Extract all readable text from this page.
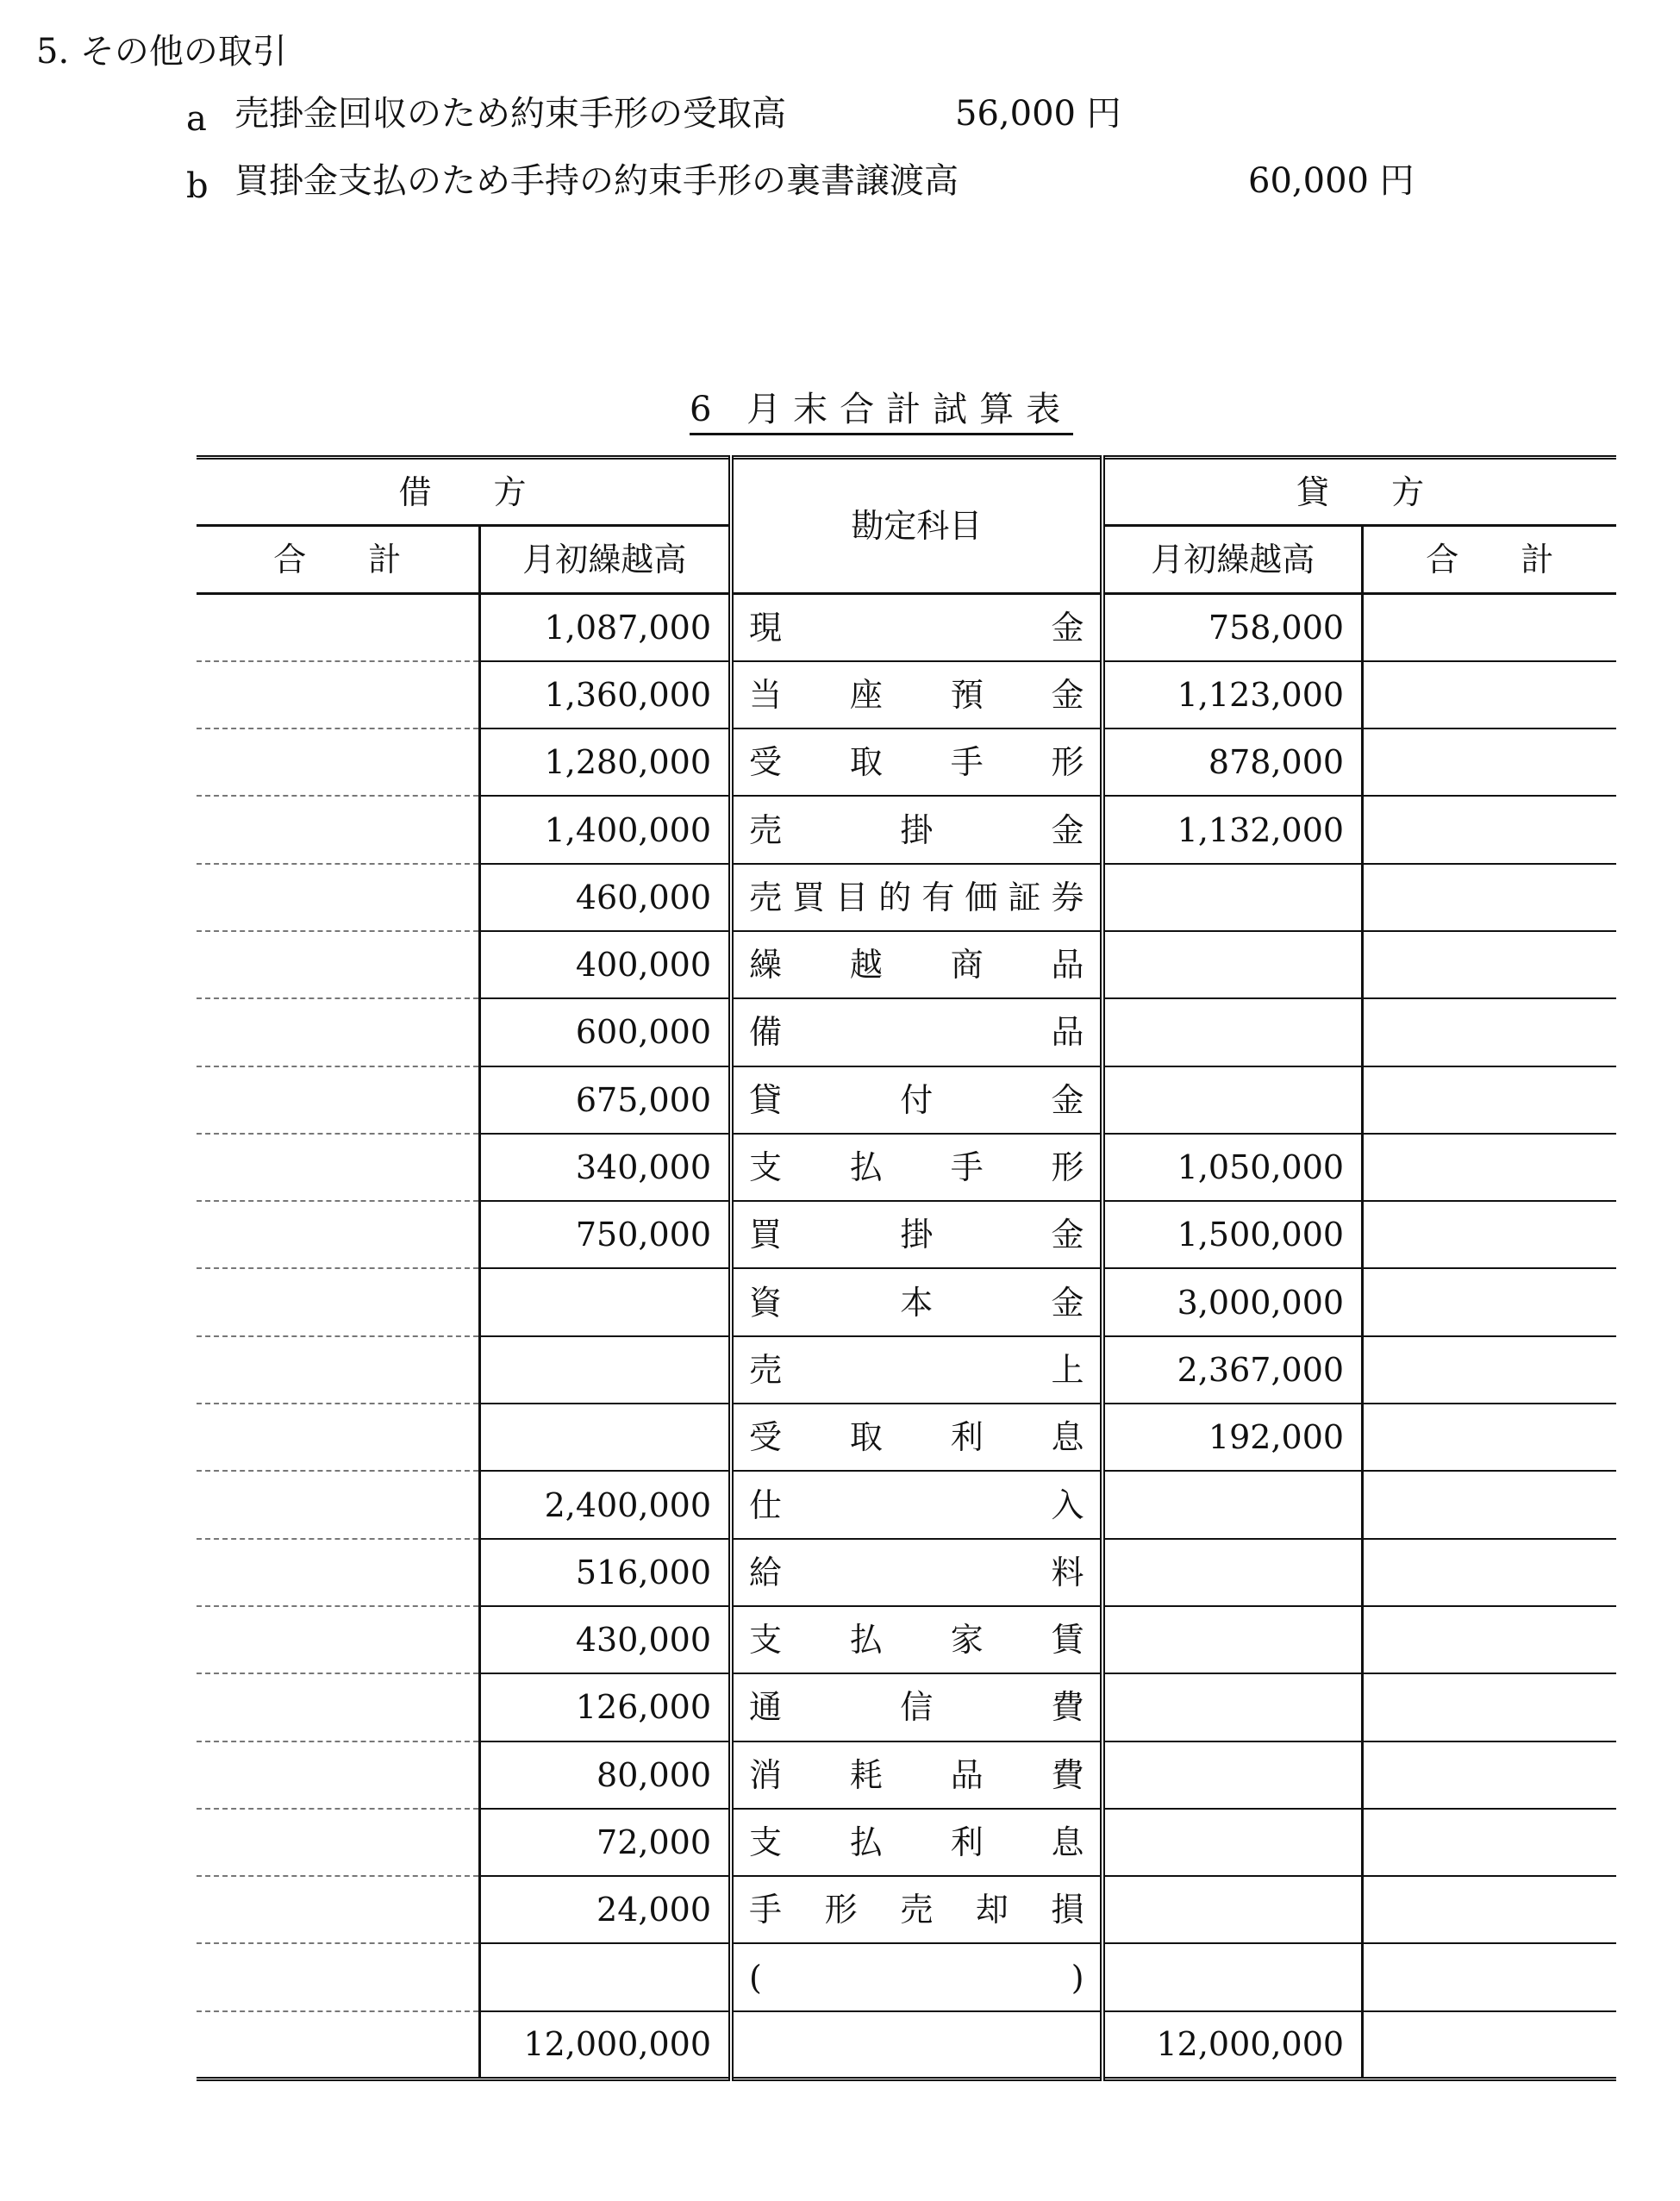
5. その他の取引
a 売掛金回収のため約束手形の受取高	56,000 円
b 買掛金支払のため手持の約束手形の裏書譲渡高	60,000 円
6 月末合計試算表
借 方		勘定科目	貸 方	
合 計	月初繰越高		月初繰越高	合 計
	1,087,000	現 金	758,000	
	1,360,000	当 座 預 金	1,123,000	
	1,280,000	受 取 手 形	878,000	
	1,400,000	売 掛 金	1,132,000	
	460,000	売 買 目 的 有 価 証 券		

	400,000	繰 越 商 品		

	600,000	備 品		

	675,000	貸 付 金		

	340,000	支 払 手 形	1,050,000	
	750,000	買 掛 金	1,500,000	

		資 本 金	3,000,000	

		売 上	2,367,000	

		受 取 利 息	192,000	
	2,400,000	仕 入		

	516,000	給 料		

	430,000	支 払 家 賃		

	126,000	通 信 費		

	80,000	消 耗 品 費		

	72,000	支 払 利 息		

	24,000	手 形 売 却 損		

		( )		

	12,000,000		12,000,000	
